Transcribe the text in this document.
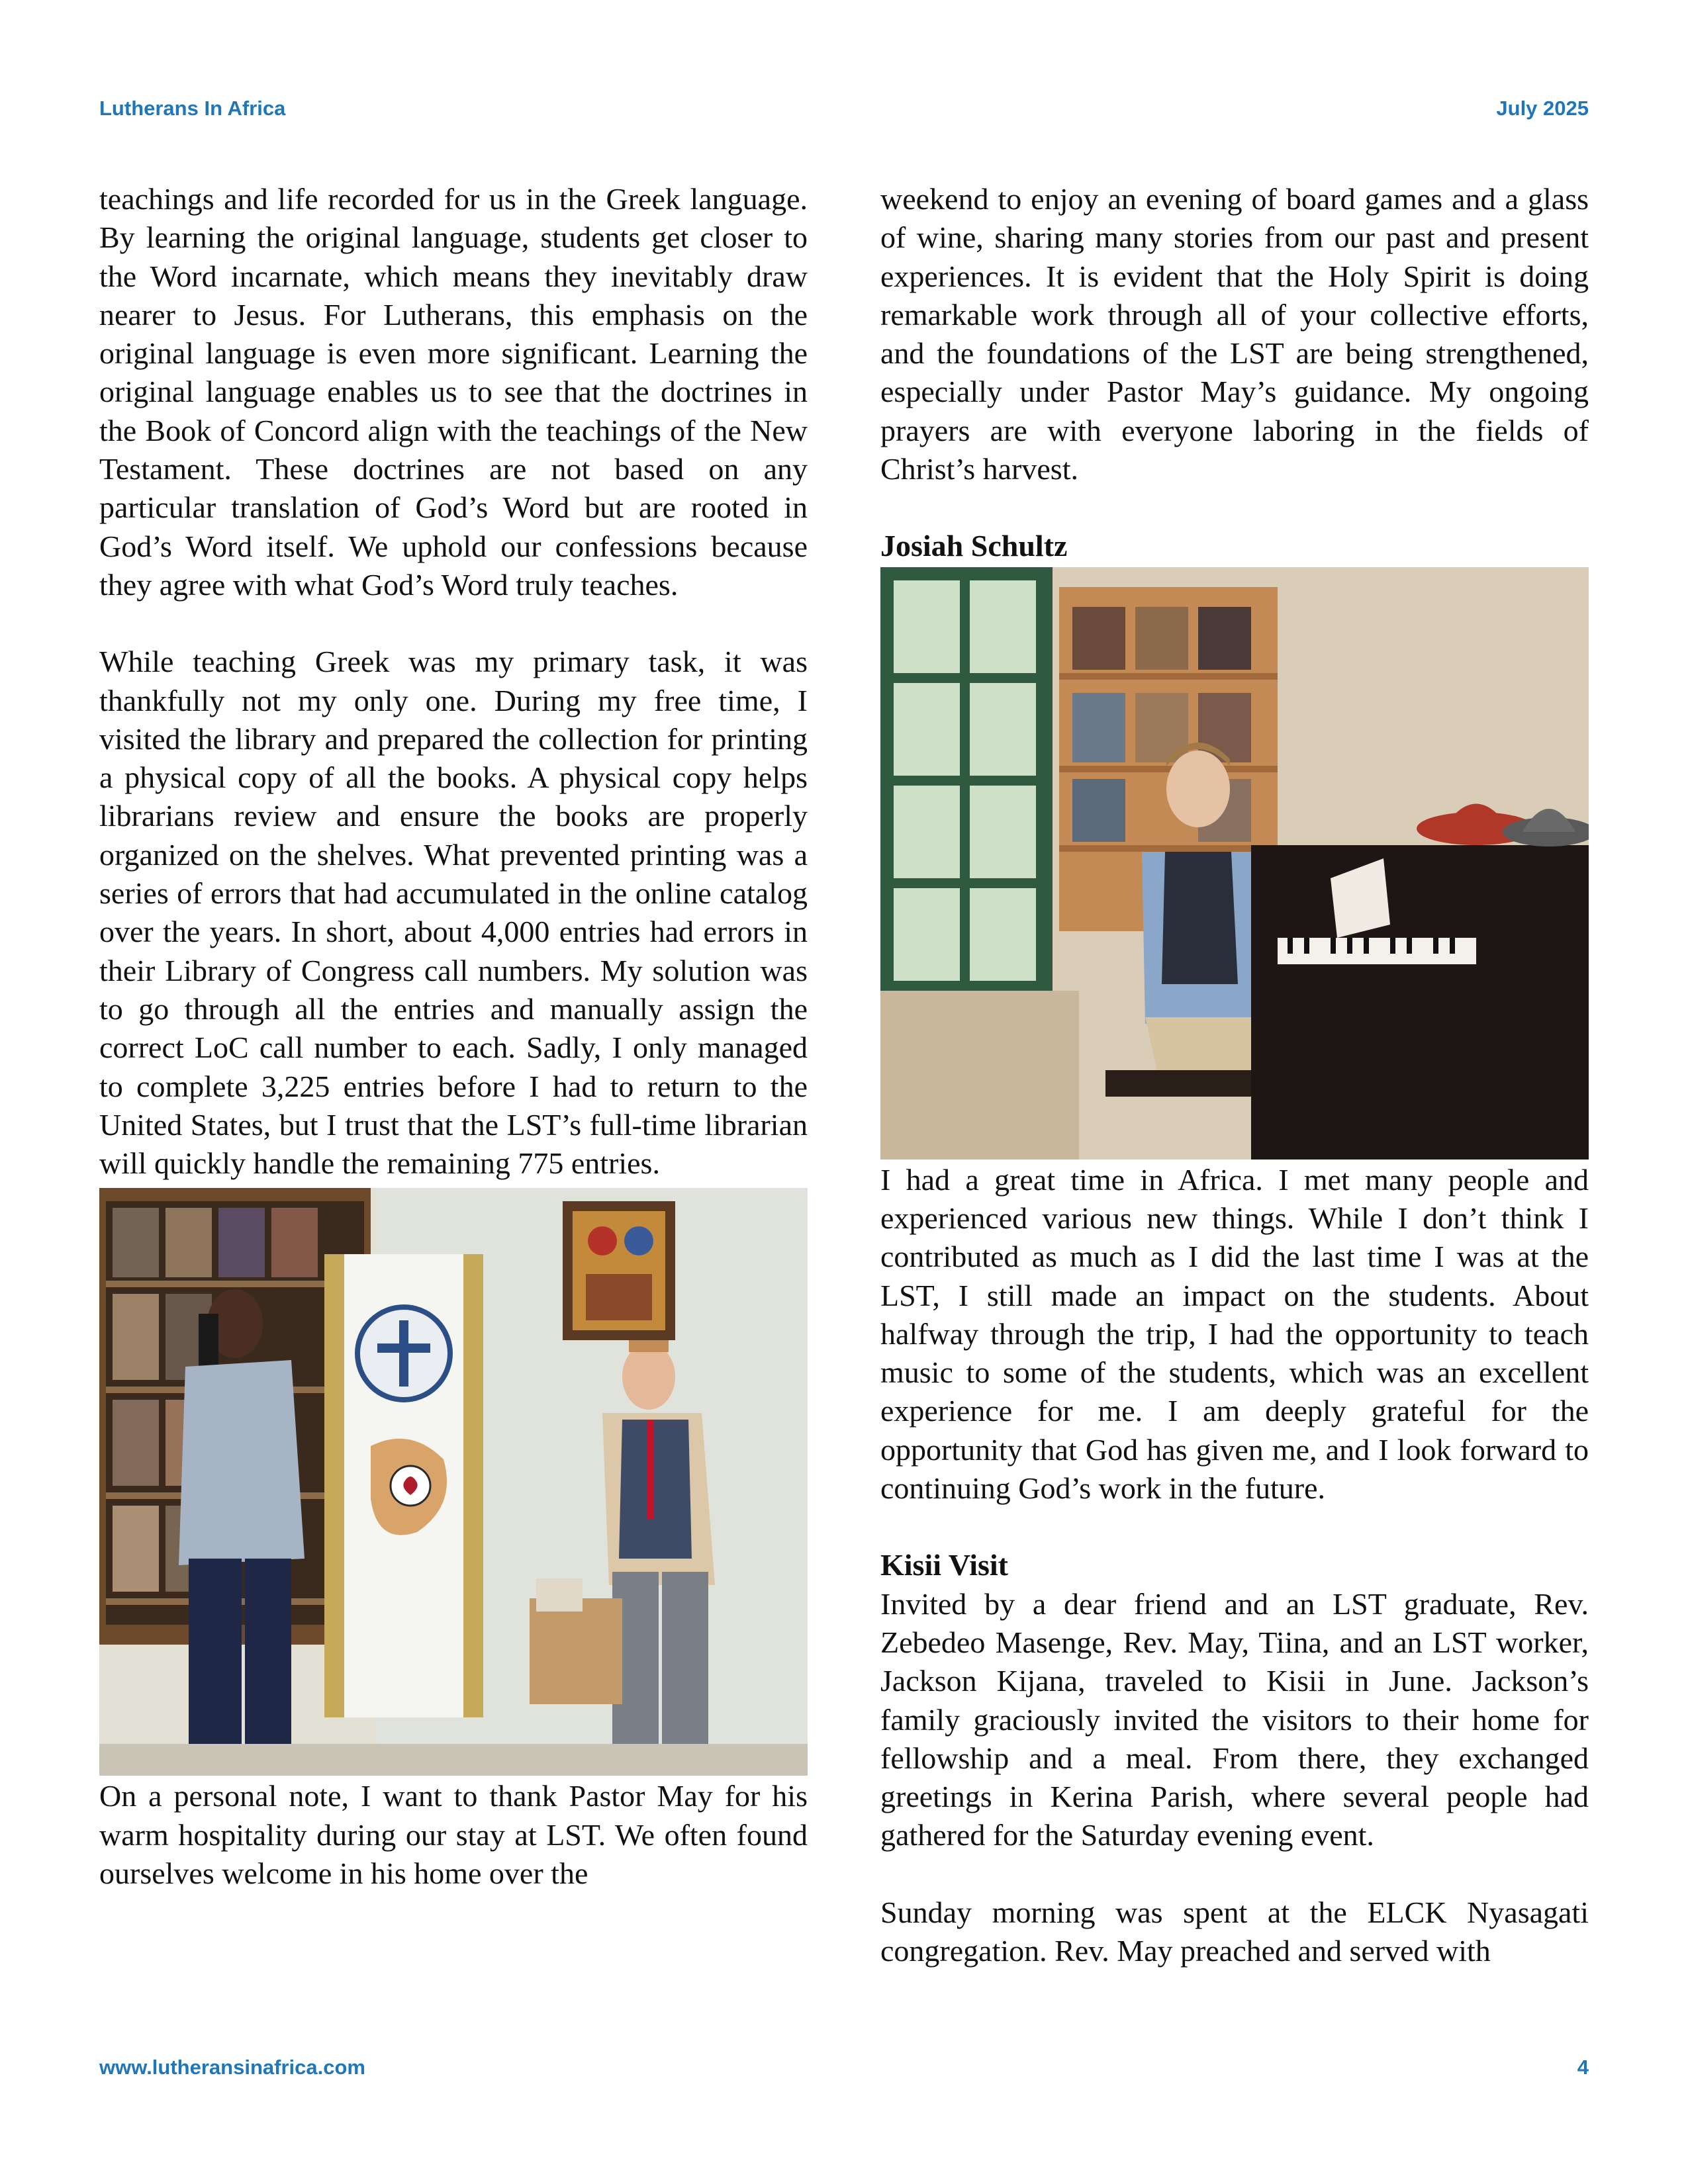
Lutherans In Africa	July 2025

teachings and life recorded for us in the Greek language. By learning the original language, students get closer to the Word incarnate, which means they inevitably draw nearer to Jesus. For Lutherans, this emphasis on the original language is even more significant. Learning the original language enables us to see that the doctrines in the Book of Concord align with the teachings of the New Testament. These doctrines are not based on any particular translation of God’s Word but are rooted in God’s Word itself. We uphold our confessions because they agree with what God’s Word truly teaches.

While teaching Greek was my primary task, it was thankfully not my only one. During my free time, I visited the library and prepared the collection for printing a physical copy of all the books. A physical copy helps librarians review and ensure the books are properly organized on the shelves. What prevented printing was a series of errors that had accumulated in the online catalog over the years. In short, about 4,000 entries had errors in their Library of Congress call numbers. My solution was to go through all the entries and manually assign the correct LoC call number to each. Sadly, I only managed to complete 3,225 entries before I had to return to the United States, but I trust that the LST’s full-time librarian will quickly handle the remaining 775 entries.

On a personal note, I want to thank Pastor May for his warm hospitality during our stay at LST. We often found ourselves welcome in his home over the

weekend to enjoy an evening of board games and a glass of wine, sharing many stories from our past and present experiences. It is evident that the Holy Spirit is doing remarkable work through all of your collective efforts, and the foundations of the LST are being strengthened, especially under Pastor May’s guidance. My ongoing prayers are with everyone laboring in the fields of Christ’s harvest.

Josiah Schultz

I had a great time in Africa. I met many people and experienced various new things. While I don’t think I contributed as much as I did the last time I was at the LST, I still made an impact on the students. About halfway through the trip, I had the opportunity to teach music to some of the students, which was an excellent experience for me. I am deeply grateful for the opportunity that God has given me, and I look forward to continuing God’s work in the future.

Kisii Visit

Invited by a dear friend and an LST graduate, Rev. Zebedeo Masenge, Rev. May, Tiina, and an LST worker, Jackson Kijana, traveled to Kisii in June. Jackson’s family graciously invited the visitors to their home for fellowship and a meal. From there, they exchanged greetings in Kerina Parish, where several people had gathered for the Saturday evening event.

Sunday morning was spent at the ELCK Nyasagati congregation. Rev. May preached and served with

www.lutheransinafrica.com	4
